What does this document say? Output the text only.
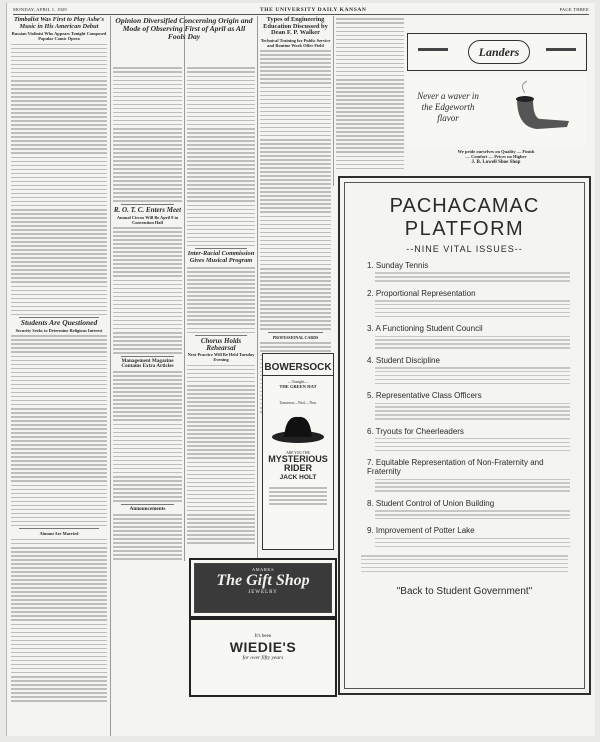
MONDAY, APRIL 1, 1929	THE UNIVERSITY DAILY KANSAN	PAGE THREE
Timbalist Was First to Play Ashe's Music in His American Debut
Russian Violinist Who Appears Tonight Composed Popular Comic Opera
Students Are Questioned
Security Seeks to Determine Religious Interest
Alumni Are Married
Opinion Diversified Concerning Origin and Mode of Observing First of April as All Fools Day
R. O. T. C. Enters Meet
Annual Circus Will Be April 9 in Convention Hall
Management Magazine Contains Extra Articles
Announcements
Inter-Racial Commission Gives Musical Program
Chorus Holds Rehearsal
Next Practice Will Be Held Tuesday Evening
Types of Engineering Education Discussed by Dean F. P. Walker
Technical Training for Public Service and Routine Work Offer Field
PROFESSIONAL CARDS
Landers
Never a waver in the Edgeworth flavor
We pride ourselves on Quality — Finish — Comfort — Prices no Higher
J. B. Lowell Shoe Shop
BOWERSOCK
—Tonight—
THE GREEN HAT
Tomorrow—Wed.—Thur.
ARE YOU THE
MYSTERIOUS RIDER
JACK HOLT
AMARKS
The Gift Shop
JEWELRY
It's been
WIEDIE'S
for over fifty years
PACHACAMAC
PLATFORM
--NINE VITAL ISSUES--
1. Sunday Tennis
2. Proportional Representation
3. A Functioning Student Council
4. Student Discipline
5. Representative Class Officers
6. Tryouts for Cheerleaders
7. Equitable Representation of Non-Fraternity and Fraternity
8. Student Control of Union Building
9. Improvement of Potter Lake
"Back to Student Government"
